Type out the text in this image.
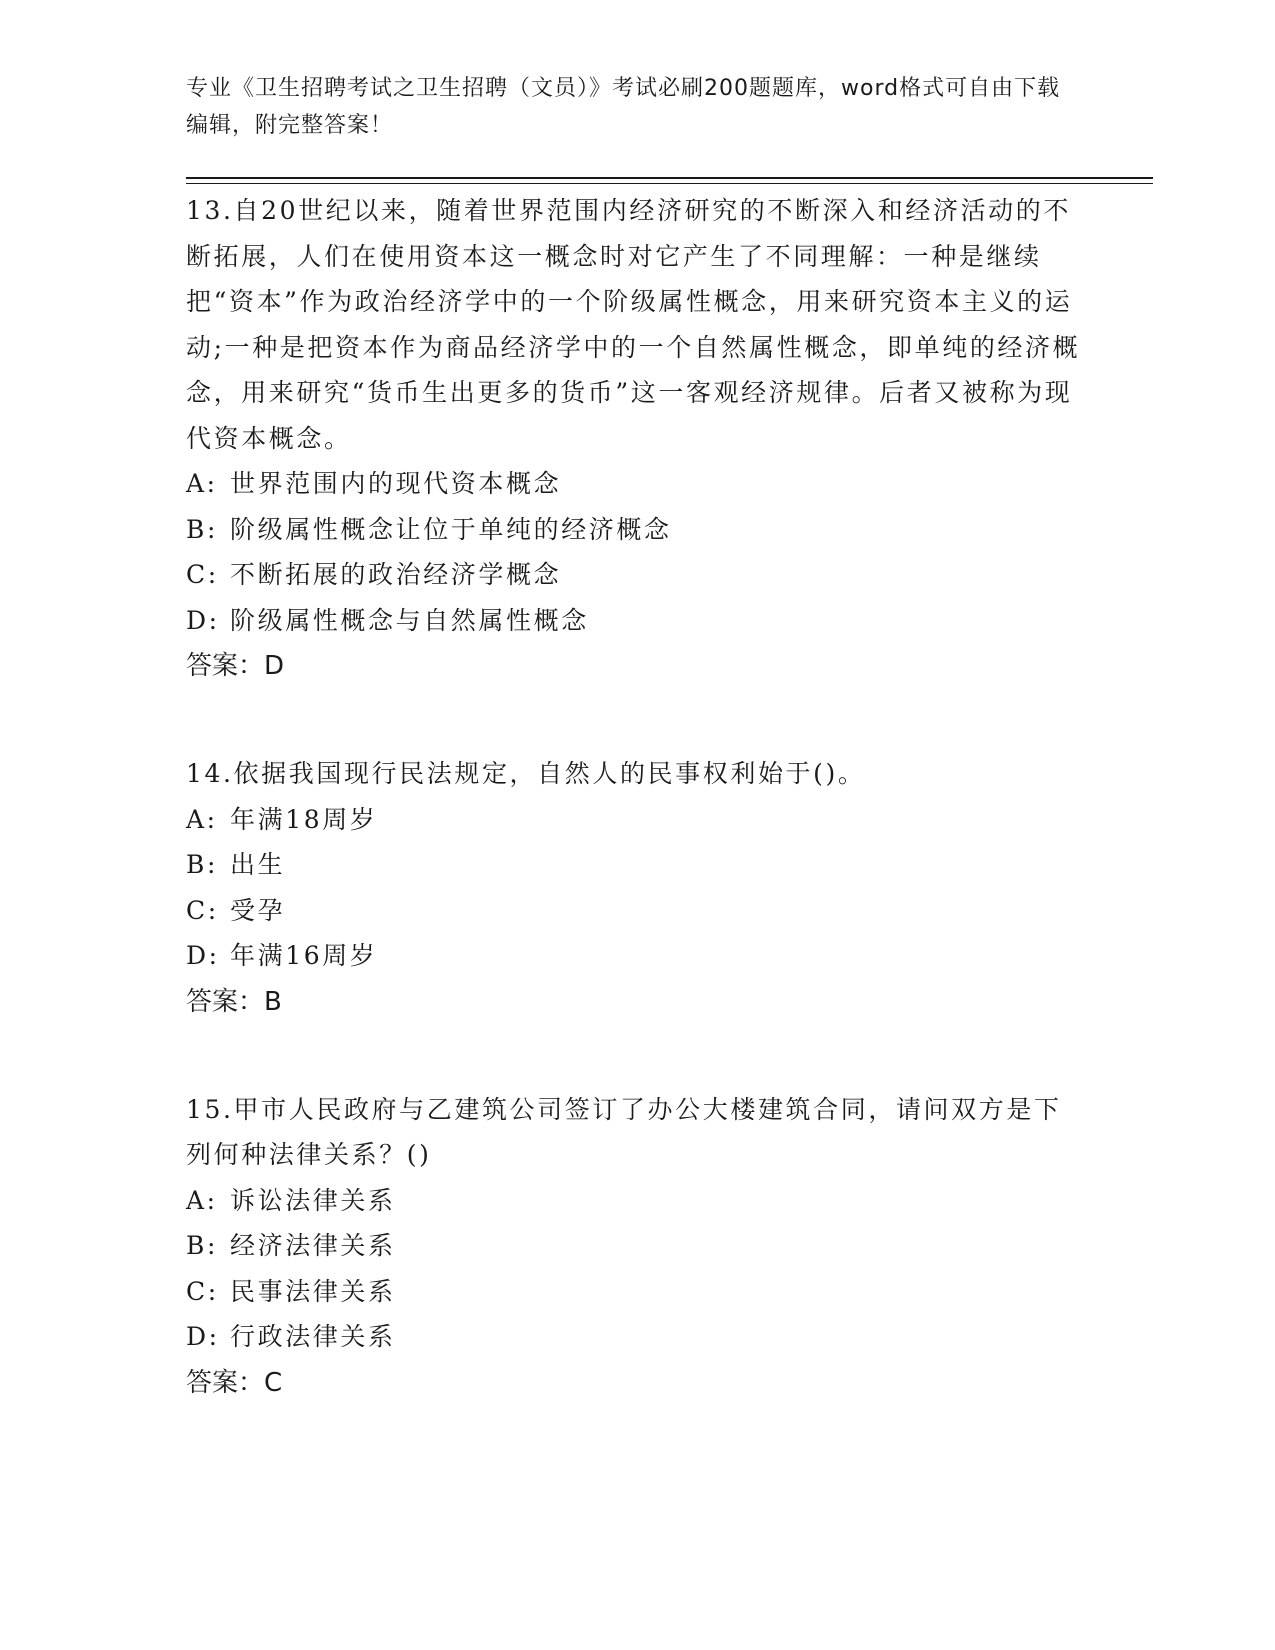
专业《卫生招聘考试之卫生招聘（文员）》考试必刷200题题库，word格式可自由下载编辑，附完整答案！

13.自20世纪以来，随着世界范围内经济研究的不断深入和经济活动的不断拓展，人们在使用资本这一概念时对它产生了不同理解：一种是继续把“资本”作为政治经济学中的一个阶级属性概念，用来研究资本主义的运动;一种是把资本作为商品经济学中的一个自然属性概念，即单纯的经济概念，用来研究“货币生出更多的货币”这一客观经济规律。后者又被称为现代资本概念。

A: 世界范围内的现代资本概念

B: 阶级属性概念让位于单纯的经济概念

C: 不断拓展的政治经济学概念

D: 阶级属性概念与自然属性概念

答案：D

14.依据我国现行民法规定，自然人的民事权利始于()。

A: 年满18周岁

B: 出生

C: 受孕

D: 年满16周岁

答案：B

15.甲市人民政府与乙建筑公司签订了办公大楼建筑合同，请问双方是下列何种法律关系？()

A: 诉讼法律关系

B: 经济法律关系

C: 民事法律关系

D: 行政法律关系

答案：C
